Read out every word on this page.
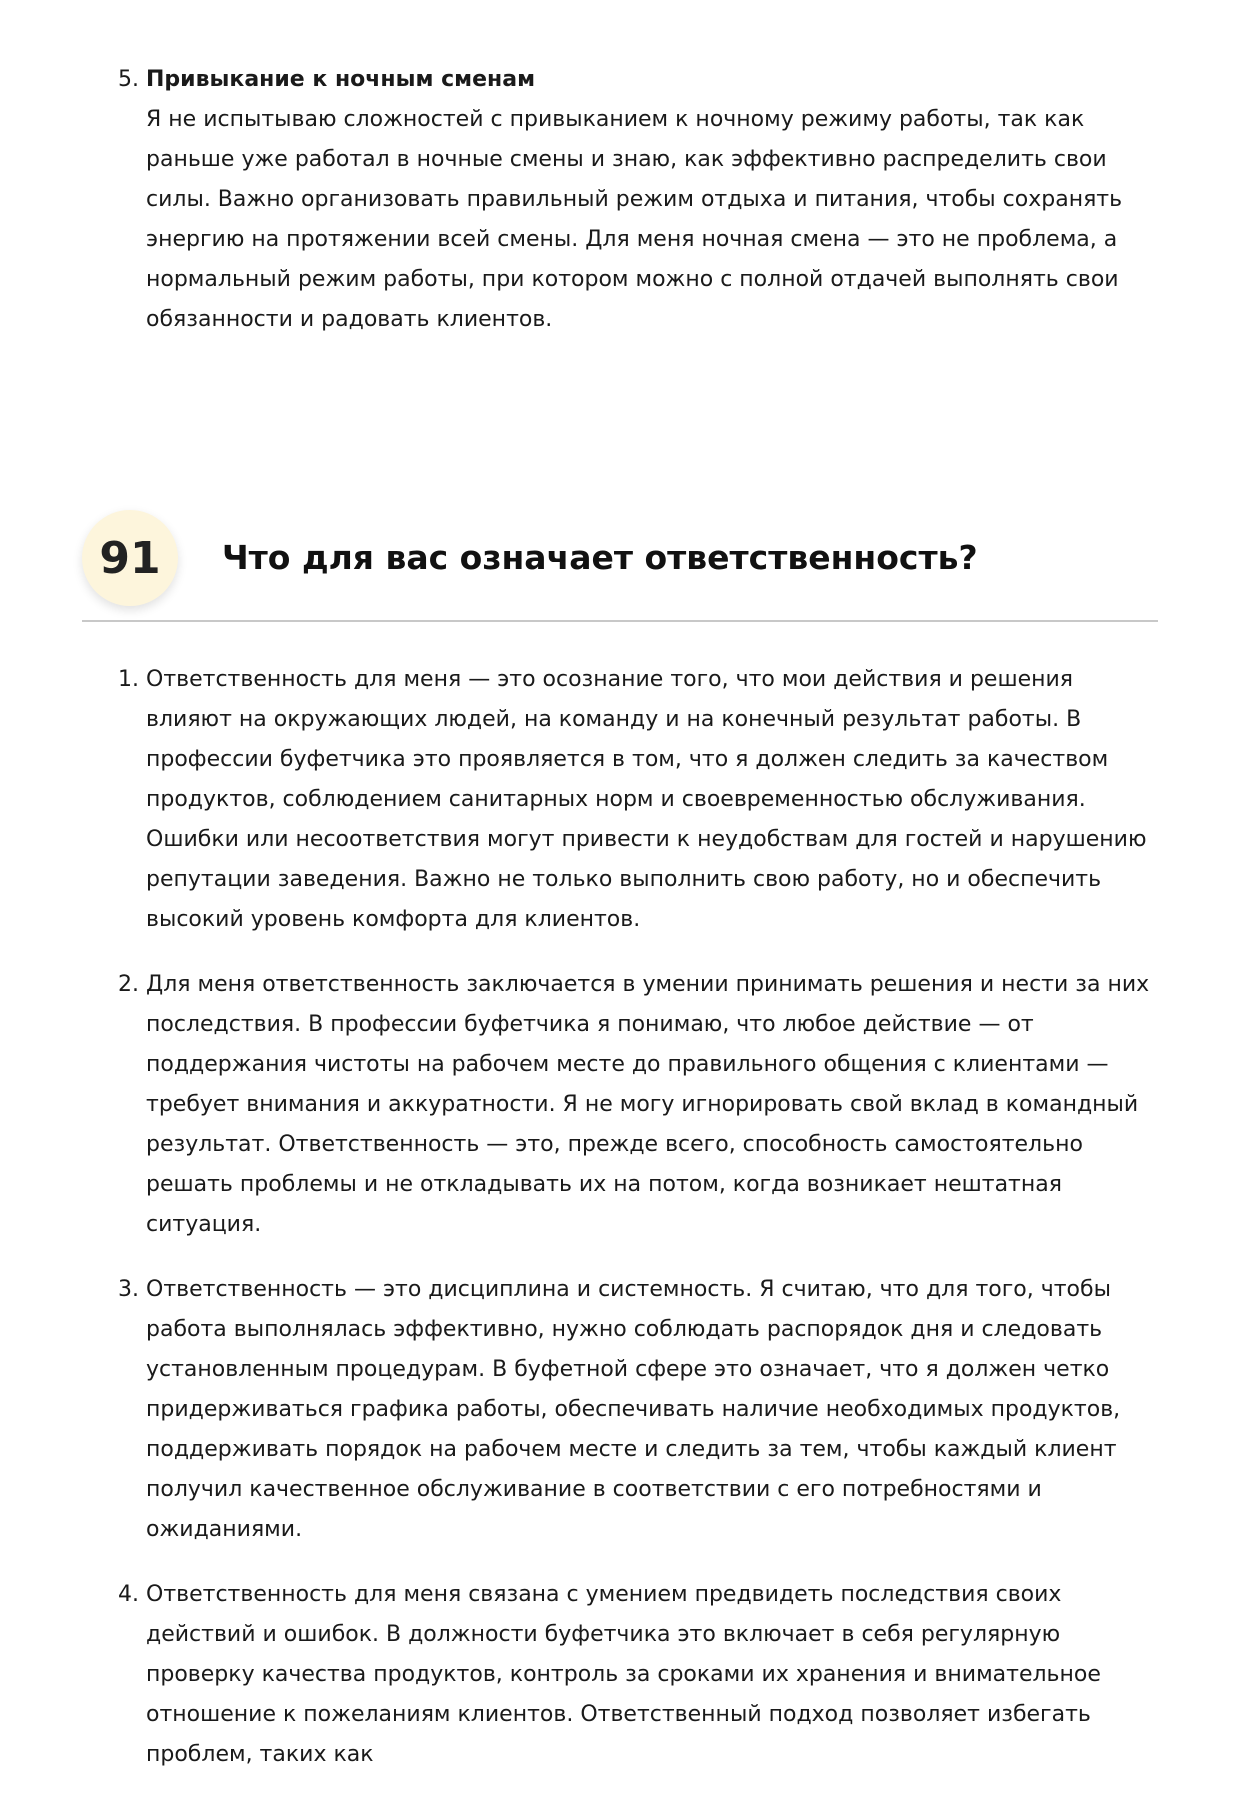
5. Привыкание к ночным сменам

Я не испытываю сложностей с привыканием к ночному режиму работы, так как раньше уже работал в ночные смены и знаю, как эффективно распределить свои силы. Важно организовать правильный режим отдыха и питания, чтобы сохранять энергию на протяжении всей смены. Для меня ночная смена — это не проблема, а нормальный режим работы, при котором можно с полной отдачей выполнять свои обязанности и радовать клиентов.

91	Что для вас означает ответственность?
1. Ответственность для меня — это осознание того, что мои действия и решения влияют на окружающих людей, на команду и на конечный результат работы. В профессии буфетчика это проявляется в том, что я должен следить за качеством продуктов, соблюдением санитарных норм и своевременностью обслуживания. Ошибки или несоответствия могут привести к неудобствам для гостей и нарушению репутации заведения. Важно не только выполнить свою работу, но и обеспечить высокий уровень комфорта для клиентов.

2. Для меня ответственность заключается в умении принимать решения и нести за них последствия. В профессии буфетчика я понимаю, что любое действие — от поддержания чистоты на рабочем месте до правильного общения с клиентами — требует внимания и аккуратности. Я не могу игнорировать свой вклад в командный результат. Ответственность — это, прежде всего, способность самостоятельно решать проблемы и не откладывать их на потом, когда возникает нештатная ситуация.

3. Ответственность — это дисциплина и системность. Я считаю, что для того, чтобы работа выполнялась эффективно, нужно соблюдать распорядок дня и следовать установленным процедурам. В буфетной сфере это означает, что я должен четко придерживаться графика работы, обеспечивать наличие необходимых продуктов, поддерживать порядок на рабочем месте и следить за тем, чтобы каждый клиент получил качественное обслуживание в соответствии с его потребностями и ожиданиями.

4. Ответственность для меня связана с умением предвидеть последствия своих действий и ошибок. В должности буфетчика это включает в себя регулярную проверку качества продуктов, контроль за сроками их хранения и внимательное отношение к пожеланиям клиентов. Ответственный подход позволяет избегать проблем, таких как
